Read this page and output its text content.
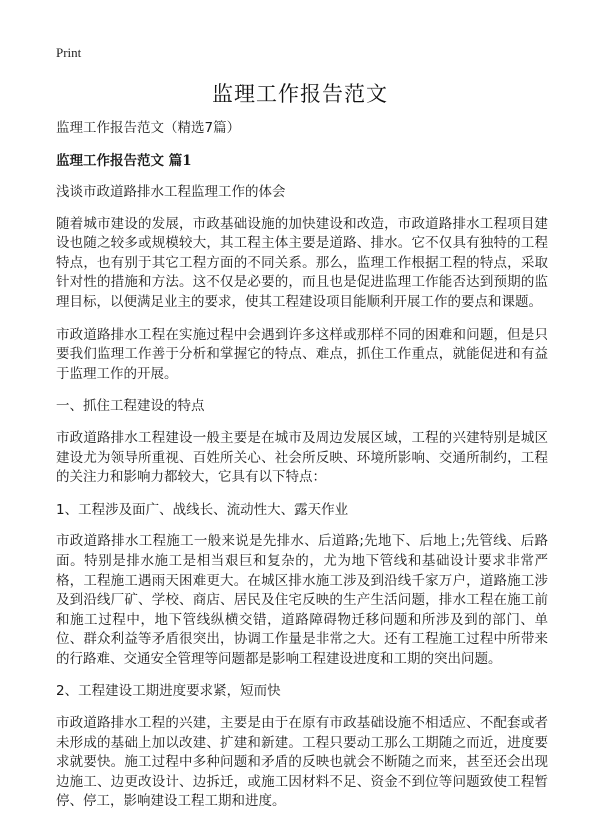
Print
监理工作报告范文

监理工作报告范文（精选7篇）

监理工作报告范文 篇1

浅谈市政道路排水工程监理工作的体会

随着城市建设的发展，市政基础设施的加快建设和改造，市政道路排水工程项目建设也随之较多或规模较大，其工程主体主要是道路、排水。它不仅具有独特的工程特点，也有别于其它工程方面的不同关系。那么，监理工作根据工程的特点，采取针对性的措施和方法。这不仅是必要的，而且也是促进监理工作能否达到预期的监理目标，以便满足业主的要求，使其工程建设项目能顺利开展工作的要点和课题。

市政道路排水工程在实施过程中会遇到许多这样或那样不同的困难和问题，但是只要我们监理工作善于分析和掌握它的特点、难点，抓住工作重点，就能促进和有益于监理工作的开展。

一、抓住工程建设的特点

市政道路排水工程建设一般主要是在城市及周边发展区域，工程的兴建特别是城区建设尤为领导所重视、百姓所关心、社会所反映、环境所影响、交通所制约，工程的关注力和影响力都较大，它具有以下特点：

1、工程涉及面广、战线长、流动性大、露天作业

市政道路排水工程施工一般来说是先排水、后道路;先地下、后地上;先管线、后路面。特别是排水施工是相当艰巨和复杂的，尤为地下管线和基础设计要求非常严格，工程施工遇雨天困难更大。在城区排水施工涉及到沿线千家万户，道路施工涉及到沿线厂矿、学校、商店、居民及住宅反映的生产生活问题，排水工程在施工前和施工过程中，地下管线纵横交错，道路障碍物迁移问题和所涉及到的部门、单位、群众利益等矛盾很突出，协调工作量是非常之大。还有工程施工过程中所带来的行路难、交通安全管理等问题都是影响工程建设进度和工期的突出问题。

2、工程建设工期进度要求紧，短而快

市政道路排水工程的兴建，主要是由于在原有市政基础设施不相适应、不配套或者未形成的基础上加以改建、扩建和新建。工程只要动工那么工期随之而近，进度要求就要快。施工过程中多种问题和矛盾的反映也就会不断随之而来，甚至还会出现边施工、边更改设计、边拆迁，或施工因材料不足、资金不到位等问题致使工程暂停、停工，影响建设工程工期和进度。
